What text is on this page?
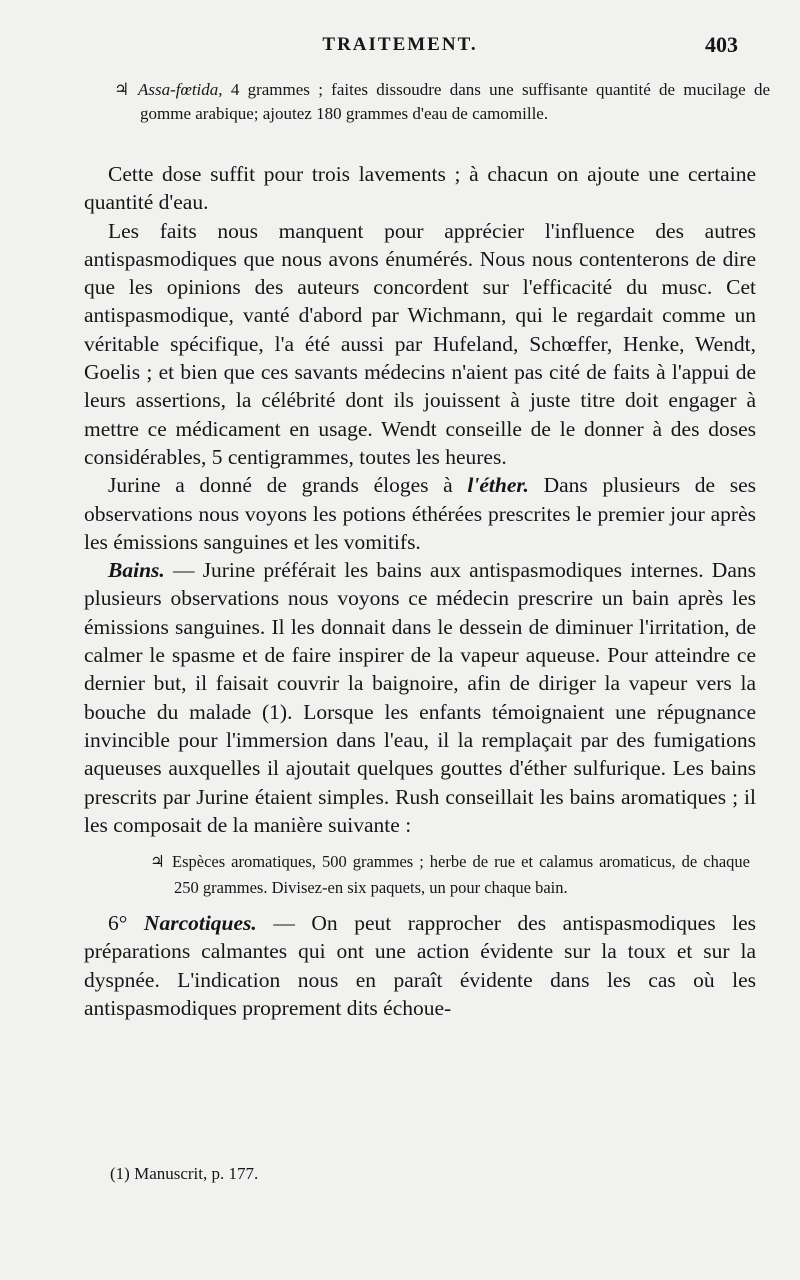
TRAITEMENT.	403
♃ Assa-fœtida, 4 grammes ; faites dissoudre dans une suffisante quantité de mucilage de gomme arabique; ajoutez 180 grammes d'eau de camomille.

Cette dose suffit pour trois lavements ; à chacun on ajoute une certaine quantité d'eau.

Les faits nous manquent pour apprécier l'influence des autres antispasmodiques que nous avons énumérés. Nous nous contenterons de dire que les opinions des auteurs concordent sur l'efficacité du musc. Cet antispasmodique, vanté d'abord par Wichmann, qui le regardait comme un véritable spécifique, l'a été aussi par Hufeland, Schœffer, Henke, Wendt, Goelis ; et bien que ces savants médecins n'aient pas cité de faits à l'appui de leurs assertions, la célébrité dont ils jouissent à juste titre doit engager à mettre ce médicament en usage. Wendt conseille de le donner à des doses considérables, 5 centigrammes, toutes les heures.

Jurine a donné de grands éloges à l'éther. Dans plusieurs de ses observations nous voyons les potions éthérées prescrites le premier jour après les émissions sanguines et les vomitifs.

Bains. — Jurine préférait les bains aux antispasmodiques internes. Dans plusieurs observations nous voyons ce médecin prescrire un bain après les émissions sanguines. Il les donnait dans le dessein de diminuer l'irritation, de calmer le spasme et de faire inspirer de la vapeur aqueuse. Pour atteindre ce dernier but, il faisait couvrir la baignoire, afin de diriger la vapeur vers la bouche du malade (1). Lorsque les enfants témoignaient une répugnance invincible pour l'immersion dans l'eau, il la remplaçait par des fumigations aqueuses auxquelles il ajoutait quelques gouttes d'éther sulfurique. Les bains prescrits par Jurine étaient simples. Rush conseillait les bains aromatiques ; il les composait de la manière suivante :

♃ Espèces aromatiques, 500 grammes ; herbe de rue et calamus aromaticus, de chaque 250 grammes. Divisez-en six paquets, un pour chaque bain.

6° Narcotiques. — On peut rapprocher des antispasmodiques les préparations calmantes qui ont une action évidente sur la toux et sur la dyspnée. L'indication nous en paraît évidente dans les cas où les antispasmodiques proprement dits échoue-

(1) Manuscrit, p. 177.
